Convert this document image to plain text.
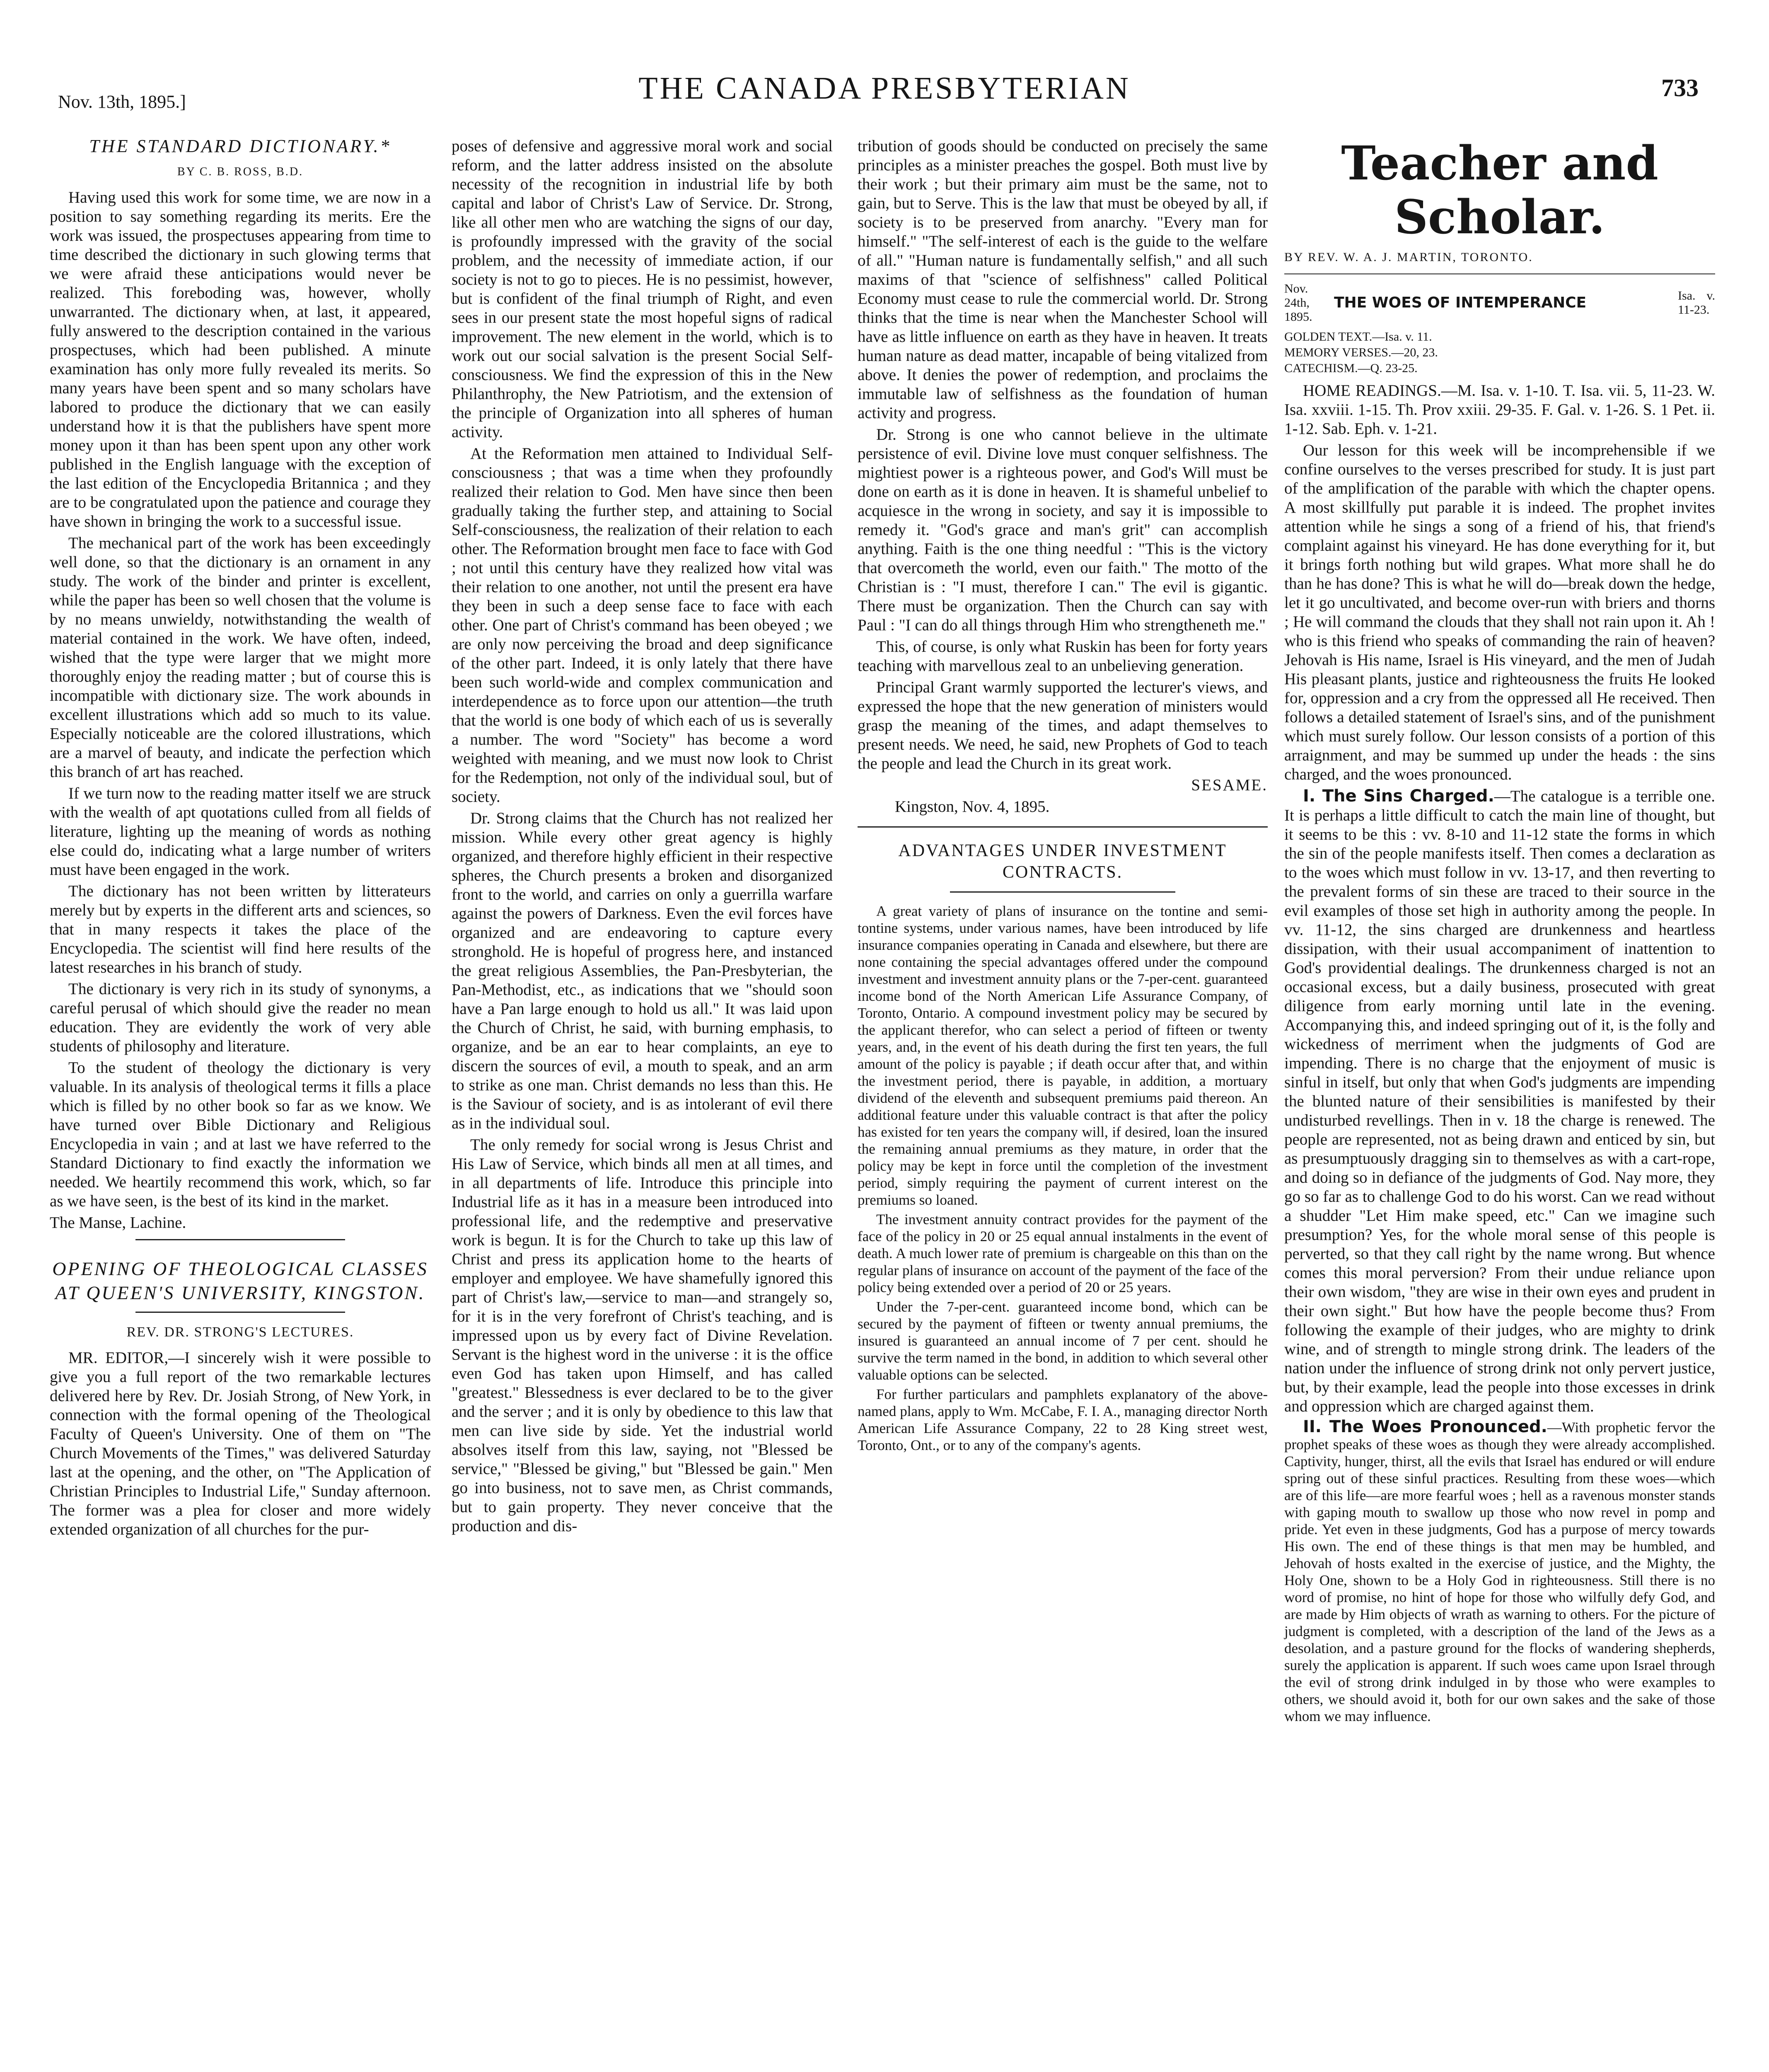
Nov. 13th, 1895.]	THE CANADA PRESBYTERIAN	733
THE STANDARD DICTIONARY.*
BY C. B. ROSS, B.D.

Having used this work for some time, we are now in a position to say something regarding its merits. Ere the work was issued, the prospectuses appearing from time to time described the dictionary in such glowing terms that we were afraid these anticipations would never be realized. This foreboding was, however, wholly unwarranted. The dictionary when, at last, it appeared, fully answered to the description contained in the various prospectuses, which had been published. A minute examination has only more fully revealed its merits. So many years have been spent and so many scholars have labored to produce the dictionary that we can easily understand how it is that the publishers have spent more money upon it than has been spent upon any other work published in the English language with the exception of the last edition of the Encyclopedia Britannica ; and they are to be congratulated upon the patience and courage they have shown in bringing the work to a successful issue.

The mechanical part of the work has been exceedingly well done, so that the dictionary is an ornament in any study. The work of the binder and printer is excellent, while the paper has been so well chosen that the volume is by no means unwieldy, notwithstanding the wealth of material contained in the work. We have often, indeed, wished that the type were larger that we might more thoroughly enjoy the reading matter ; but of course this is incompatible with dictionary size. The work abounds in excellent illustrations which add so much to its value. Especially noticeable are the colored illustrations, which are a marvel of beauty, and indicate the perfection which this branch of art has reached.

If we turn now to the reading matter itself we are struck with the wealth of apt quotations culled from all fields of literature, lighting up the meaning of words as nothing else could do, indicating what a large number of writers must have been engaged in the work.

The dictionary has not been written by litterateurs merely but by experts in the different arts and sciences, so that in many respects it takes the place of the Encyclopedia. The scientist will find here results of the latest researches in his branch of study.

The dictionary is very rich in its study of synonyms, a careful perusal of which should give the reader no mean education. They are evidently the work of very able students of philosophy and literature.

To the student of theology the dictionary is very valuable. In its analysis of theological terms it fills a place which is filled by no other book so far as we know. We have turned over Bible Dictionary and Religious Encyclopedia in vain ; and at last we have referred to the Standard Dictionary to find exactly the information we needed. We heartily recommend this work, which, so far as we have seen, is the best of its kind in the market.

The Manse, Lachine.

OPENING OF THEOLOGICAL CLASSES AT QUEEN'S UNIVERSITY, KINGSTON.
REV. DR. STRONG'S LECTURES.

MR. EDITOR,—I sincerely wish it were possible to give you a full report of the two remarkable lectures delivered here by Rev. Dr. Josiah Strong, of New York, in connection with the formal opening of the Theological Faculty of Queen's University. One of them on "The Church Movements of the Times," was delivered Saturday last at the opening, and the other, on "The Application of Christian Principles to Industrial Life," Sunday afternoon. The former was a plea for closer and more widely extended organization of all churches for the pur-

poses of defensive and aggressive moral work and social reform, and the latter address insisted on the absolute necessity of the recognition in industrial life by both capital and labor of Christ's Law of Service. Dr. Strong, like all other men who are watching the signs of our day, is profoundly impressed with the gravity of the social problem, and the necessity of immediate action, if our society is not to go to pieces. He is no pessimist, however, but is confident of the final triumph of Right, and even sees in our present state the most hopeful signs of radical improvement. The new element in the world, which is to work out our social salvation is the present Social Self-consciousness. We find the expression of this in the New Philanthrophy, the New Patriotism, and the extension of the principle of Organization into all spheres of human activity.

At the Reformation men attained to Individual Self-consciousness ; that was a time when they profoundly realized their relation to God. Men have since then been gradually taking the further step, and attaining to Social Self-consciousness, the realization of their relation to each other. The Reformation brought men face to face with God ; not until this century have they realized how vital was their relation to one another, not until the present era have they been in such a deep sense face to face with each other. One part of Christ's command has been obeyed ; we are only now perceiving the broad and deep significance of the other part. Indeed, it is only lately that there have been such world-wide and complex communication and interdependence as to force upon our attention—the truth that the world is one body of which each of us is severally a number. The word "Society" has become a word weighted with meaning, and we must now look to Christ for the Redemption, not only of the individual soul, but of society.

Dr. Strong claims that the Church has not realized her mission. While every other great agency is highly organized, and therefore highly efficient in their respective spheres, the Church presents a broken and disorganized front to the world, and carries on only a guerrilla warfare against the powers of Darkness. Even the evil forces have organized and are endeavoring to capture every stronghold. He is hopeful of progress here, and instanced the great religious Assemblies, the Pan-Presbyterian, the Pan-Methodist, etc., as indications that we "should soon have a Pan large enough to hold us all." It was laid upon the Church of Christ, he said, with burning emphasis, to organize, and be an ear to hear complaints, an eye to discern the sources of evil, a mouth to speak, and an arm to strike as one man. Christ demands no less than this. He is the Saviour of society, and is as intolerant of evil there as in the individual soul.

The only remedy for social wrong is Jesus Christ and His Law of Service, which binds all men at all times, and in all departments of life. Introduce this principle into Industrial life as it has in a measure been introduced into professional life, and the redemptive and preservative work is begun. It is for the Church to take up this law of Christ and press its application home to the hearts of employer and employee. We have shamefully ignored this part of Christ's law,—service to man—and strangely so, for it is in the very forefront of Christ's teaching, and is impressed upon us by every fact of Divine Revelation. Servant is the highest word in the universe : it is the office even God has taken upon Himself, and has called "greatest." Blessedness is ever declared to be to the giver and the server ; and it is only by obedience to this law that men can live side by side. Yet the industrial world absolves itself from this law, saying, not "Blessed be service," "Blessed be giving," but "Blessed be gain." Men go into business, not to save men, as Christ commands, but to gain property. They never conceive that the production and dis-

tribution of goods should be conducted on precisely the same principles as a minister preaches the gospel. Both must live by their work ; but their primary aim must be the same, not to gain, but to Serve. This is the law that must be obeyed by all, if society is to be preserved from anarchy. "Every man for himself." "The self-interest of each is the guide to the welfare of all." "Human nature is fundamentally selfish," and all such maxims of that "science of selfishness" called Political Economy must cease to rule the commercial world. Dr. Strong thinks that the time is near when the Manchester School will have as little influence on earth as they have in heaven. It treats human nature as dead matter, incapable of being vitalized from above. It denies the power of redemption, and proclaims the immutable law of selfishness as the foundation of human activity and progress.

Dr. Strong is one who cannot believe in the ultimate persistence of evil. Divine love must conquer selfishness. The mightiest power is a righteous power, and God's Will must be done on earth as it is done in heaven. It is shameful unbelief to acquiesce in the wrong in society, and say it is impossible to remedy it. "God's grace and man's grit" can accomplish anything. Faith is the one thing needful : "This is the victory that overcometh the world, even our faith." The motto of the Christian is : "I must, therefore I can." The evil is gigantic. There must be organization. Then the Church can say with Paul : "I can do all things through Him who strengtheneth me."

This, of course, is only what Ruskin has been for forty years teaching with marvellous zeal to an unbelieving generation.

Principal Grant warmly supported the lecturer's views, and expressed the hope that the new generation of ministers would grasp the meaning of the times, and adapt themselves to present needs. We need, he said, new Prophets of God to teach the people and lead the Church in its great work.

SESAME.

Kingston, Nov. 4, 1895.

ADVANTAGES UNDER INVESTMENT CONTRACTS.

A great variety of plans of insurance on the tontine and semi-tontine systems, under various names, have been introduced by life insurance companies operating in Canada and elsewhere, but there are none containing the special advantages offered under the compound investment and investment annuity plans or the 7-per-cent. guaranteed income bond of the North American Life Assurance Company, of Toronto, Ontario. A compound investment policy may be secured by the applicant therefor, who can select a period of fifteen or twenty years, and, in the event of his death during the first ten years, the full amount of the policy is payable ; if death occur after that, and within the investment period, there is payable, in addition, a mortuary dividend of the eleventh and subsequent premiums paid thereon. An additional feature under this valuable contract is that after the policy has existed for ten years the company will, if desired, loan the insured the remaining annual premiums as they mature, in order that the policy may be kept in force until the completion of the investment period, simply requiring the payment of current interest on the premiums so loaned.

The investment annuity contract provides for the payment of the face of the policy in 20 or 25 equal annual instalments in the event of death. A much lower rate of premium is chargeable on this than on the regular plans of insurance on account of the payment of the face of the policy being extended over a period of 20 or 25 years.

Under the 7-per-cent. guaranteed income bond, which can be secured by the payment of fifteen or twenty annual premiums, the insured is guaranteed an annual income of 7 per cent. should he survive the term named in the bond, in addition to which several other valuable options can be selected.

For further particulars and pamphlets explanatory of the above-named plans, apply to Wm. McCabe, F. I. A., managing director North American Life Assurance Company, 22 to 28 King street west, Toronto, Ont., or to any of the company's agents.

Teacher and Scholar.
BY REV. W. A. J. MARTIN, TORONTO.
Nov. 24th, 1895.
THE WOES OF INTEMPERANCE	Isa. v. 11-23.
GOLDEN TEXT.—Isa. v. 11.
MEMORY VERSES.—20, 23.
CATECHISM.—Q. 23-25.

HOME READINGS.—M. Isa. v. 1-10. T. Isa. vii. 5, 11-23. W. Isa. xxviii. 1-15. Th. Prov xxiii. 29-35. F. Gal. v. 1-26. S. 1 Pet. ii. 1-12. Sab. Eph. v. 1-21.

Our lesson for this week will be incomprehensible if we confine ourselves to the verses prescribed for study. It is just part of the amplification of the parable with which the chapter opens. A most skillfully put parable it is indeed. The prophet invites attention while he sings a song of a friend of his, that friend's complaint against his vineyard. He has done everything for it, but it brings forth nothing but wild grapes. What more shall he do than he has done? This is what he will do—break down the hedge, let it go uncultivated, and become over-run with briers and thorns ; He will command the clouds that they shall not rain upon it. Ah ! who is this friend who speaks of commanding the rain of heaven? Jehovah is His name, Israel is His vineyard, and the men of Judah His pleasant plants, justice and righteousness the fruits He looked for, oppression and a cry from the oppressed all He received. Then follows a detailed statement of Israel's sins, and of the punishment which must surely follow. Our lesson consists of a portion of this arraignment, and may be summed up under the heads : the sins charged, and the woes pronounced.

I. The Sins Charged.—The catalogue is a terrible one. It is perhaps a little difficult to catch the main line of thought, but it seems to be this : vv. 8-10 and 11-12 state the forms in which the sin of the people manifests itself. Then comes a declaration as to the woes which must follow in vv. 13-17, and then reverting to the prevalent forms of sin these are traced to their source in the evil examples of those set high in authority among the people. In vv. 11-12, the sins charged are drunkenness and heartless dissipation, with their usual accompaniment of inattention to God's providential dealings. The drunkenness charged is not an occasional excess, but a daily business, prosecuted with great diligence from early morning until late in the evening. Accompanying this, and indeed springing out of it, is the folly and wickedness of merriment when the judgments of God are impending. There is no charge that the enjoyment of music is sinful in itself, but only that when God's judgments are impending the blunted nature of their sensibilities is manifested by their undisturbed revellings. Then in v. 18 the charge is renewed. The people are represented, not as being drawn and enticed by sin, but as presumptuously dragging sin to themselves as with a cart-rope, and doing so in defiance of the judgments of God. Nay more, they go so far as to challenge God to do his worst. Can we read without a shudder "Let Him make speed, etc." Can we imagine such presumption? Yes, for the whole moral sense of this people is perverted, so that they call right by the name wrong. But whence comes this moral perversion? From their undue reliance upon their own wisdom, "they are wise in their own eyes and prudent in their own sight." But how have the people become thus? From following the example of their judges, who are mighty to drink wine, and of strength to mingle strong drink. The leaders of the nation under the influence of strong drink not only pervert justice, but, by their example, lead the people into those excesses in drink and oppression which are charged against them.

II. The Woes Pronounced.—With prophetic fervor the prophet speaks of these woes as though they were already accomplished. Captivity, hunger, thirst, all the evils that Israel has endured or will endure spring out of these sinful practices. Resulting from these woes—which are of this life—are more fearful woes ; hell as a ravenous monster stands with gaping mouth to swallow up those who now revel in pomp and pride. Yet even in these judgments, God has a purpose of mercy towards His own. The end of these things is that men may be humbled, and Jehovah of hosts exalted in the exercise of justice, and the Mighty, the Holy One, shown to be a Holy God in righteousness. Still there is no word of promise, no hint of hope for those who wilfully defy God, and are made by Him objects of wrath as warning to others. For the picture of judgment is completed, with a description of the land of the Jews as a desolation, and a pasture ground for the flocks of wandering shepherds, surely the application is apparent. If such woes came upon Israel through the evil of strong drink indulged in by those who were examples to others, we should avoid it, both for our own sakes and the sake of those whom we may influence.
